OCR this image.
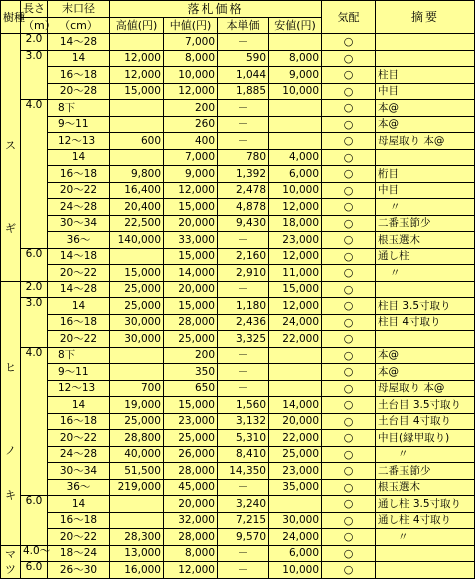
樹種	長さ	末口径	落札価格				気配	摘要
	（m）	（cm）	高値(円)	中値(円)	本単価	安値(円)		

ス
ギ	2.0	14～28		7,000	－		○	
	3.0	14	12,000	8,000	590	8,000	○	
		16～18	12,000	10,000	1,044	9,000	○	柱目
		20～28	15,000	12,000	1,885	10,000	○	中目
	4.0	8下		200	－		○	本@
		9～11		260	－		○	本@
		12～13	600	400	－		○	母屋取り 本@
		14		7,000	780	4,000	○	
		16～18	9,800	9,000	1,392	6,000	○	桁目
		20～22	16,400	12,000	2,478	10,000	○	中目
		24～28	20,400	15,000	4,878	12,000	○	〃
		30～34	22,500	20,000	9,430	18,000	○	二番玉節少
		36～	140,000	33,000	－	23,000	○	根玉選木
	6.0	14～18		15,000	2,160	12,000	○	通し柱
		20～22	15,000	14,000	2,910	11,000	○	〃

ヒ
ノ
キ	2.0	14～28	25,000	20,000	－	15,000	○	
	3.0	14	25,000	15,000	1,180	12,000	○	柱目 3.5寸取り
		16～18	30,000	28,000	2,436	24,000	○	柱目 4寸取り
		20～22	30,000	25,000	3,325	22,000	○	
	4.0	8下		200	－		○	本@
		9～11		350	－		○	本@
		12～13	700	650	－		○	母屋取り 本@
		14	19,000	15,000	1,560	14,000	○	土台目 3.5寸取り
		16～18	25,000	23,000	3,132	20,000	○	土台目 4寸取り
		20～22	28,800	25,000	5,310	22,000	○	中目(縁甲取り)
		24～28	40,000	26,000	8,410	25,000	○	〃
		30～34	51,500	28,000	14,350	23,000	○	二番玉節少
		36～	219,000	45,000	－	35,000	○	根玉選木
	6.0	14		20,000	3,240		○	通し柱 3.5寸取り
		16～18		32,000	7,215	30,000	○	通し柱 4寸取り
		20～22	28,300	28,000	9,570	24,000	○	〃

マ
ツ	4.0～	18～24	13,000	8,000	－	6,000	○	
	6.0	26～30	16,000	12,000	－	10,000	○	
